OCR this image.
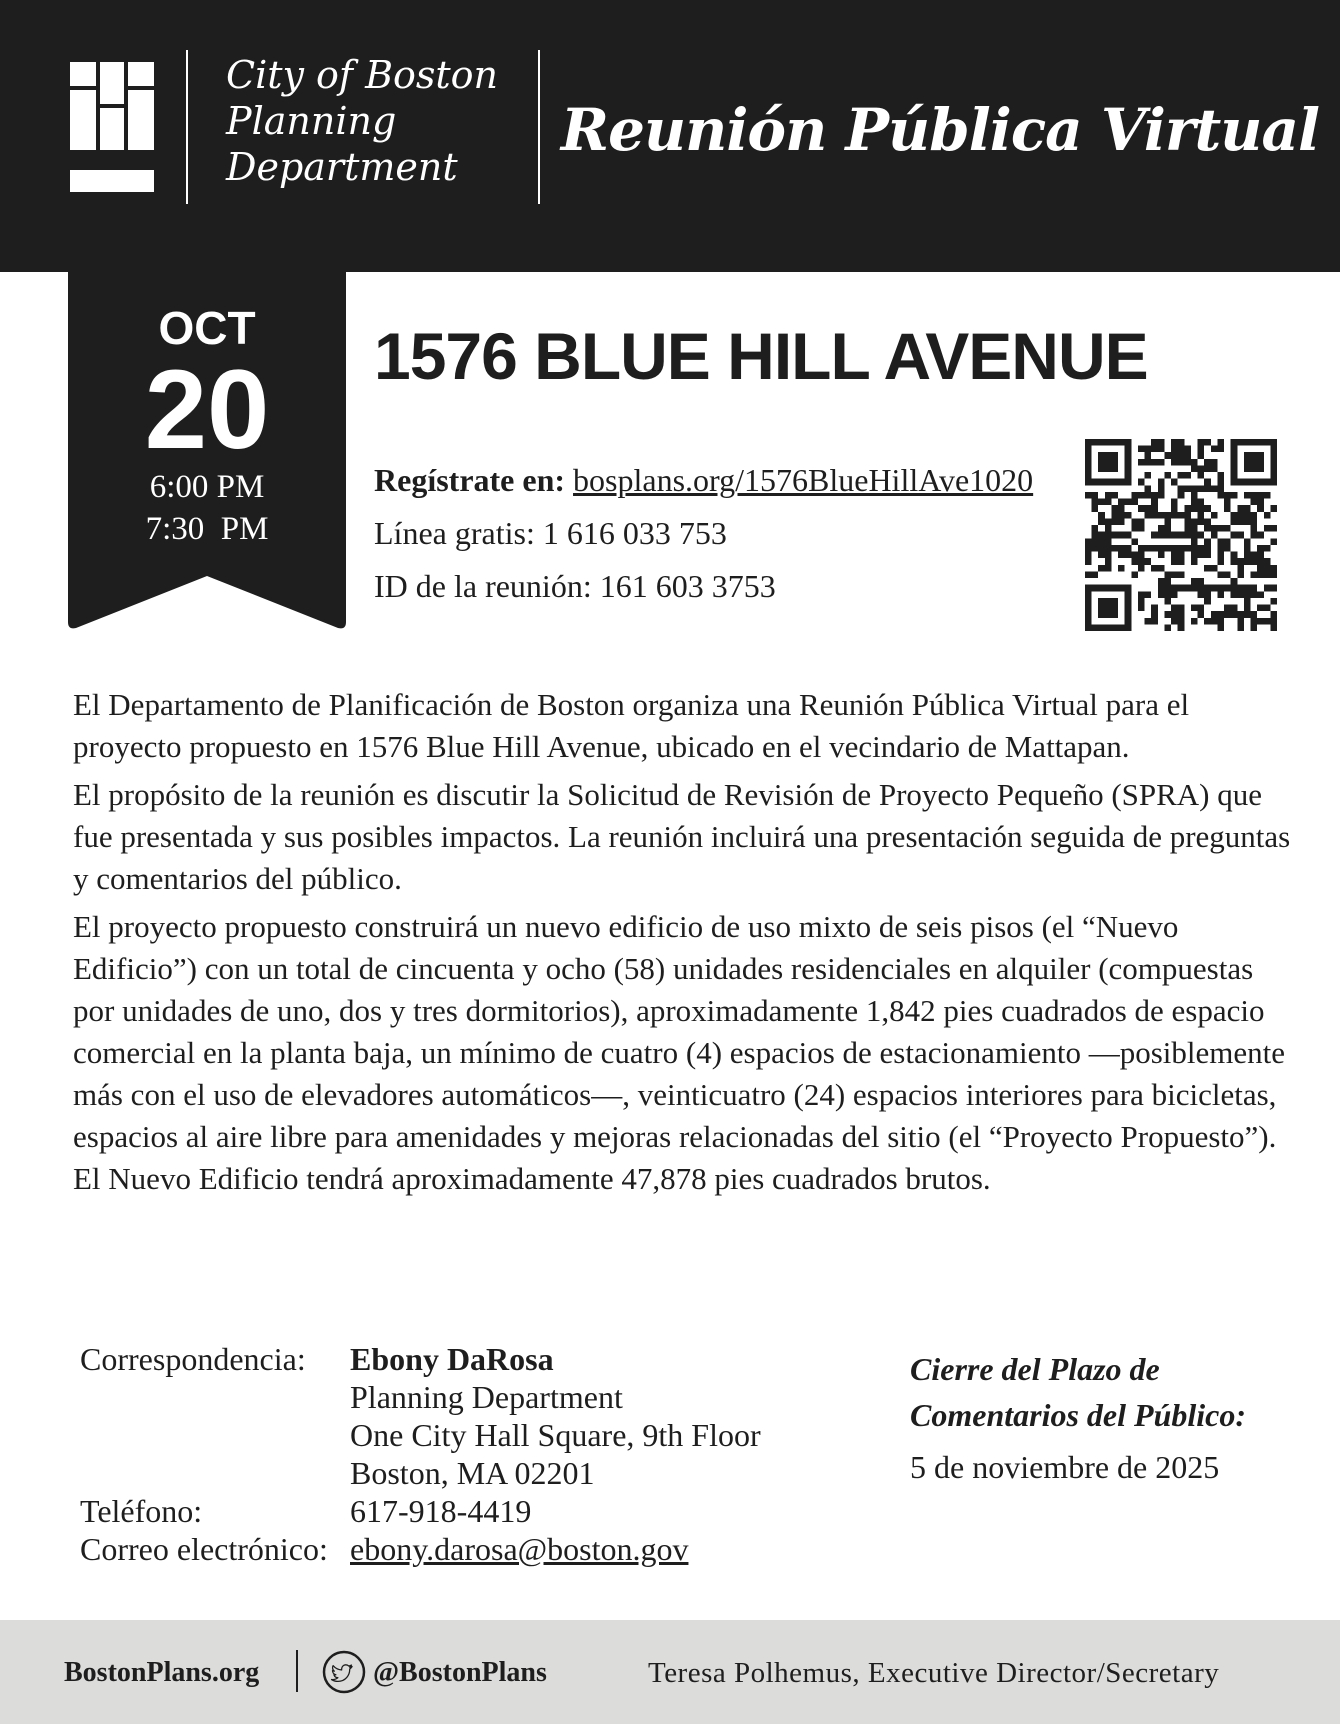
City of Boston
Planning
Department
Reunión Pública Virtual
OCT
20
6:00 PM
7:30  PM
1576 BLUE HILL AVENUE
Regístrate en: bosplans.org/1576BlueHillAve1020
Línea gratis: 1 616 033 753
ID de la reunión: 161 603 3753

El Departamento de Planificación de Boston organiza una Reunión Pública Virtual para el proyecto propuesto en 1576 Blue Hill Avenue, ubicado en el vecindario de Mattapan.

El propósito de la reunión es discutir la Solicitud de Revisión de Proyecto Pequeño (SPRA) que fue presentada y sus posibles impactos. La reunión incluirá una presentación seguida de preguntas y comentarios del público.

El proyecto propuesto construirá un nuevo edificio de uso mixto de seis pisos (el “Nuevo Edificio”) con un total de cincuenta y ocho (58) unidades residenciales en alquiler (compuestas por unidades de uno, dos y tres dormitorios), aproximadamente 1,842 pies cuadrados de espacio comercial en la planta baja, un mínimo de cuatro (4) espacios de estacionamiento —posiblemente más con el uso de elevadores automáticos—, veinticuatro (24) espacios interiores para bicicletas, espacios al aire libre para amenidades y mejoras relacionadas del sitio (el “Proyecto Propuesto”). El Nuevo Edificio tendrá aproximadamente 47,878 pies cuadrados brutos.

Correspondencia:	Ebony DaRosa
Planning Department
One City Hall Square, 9th Floor
Boston, MA 02201
Teléfono:	617-918-4419
Correo electrónico: ebony.darosa@boston.gov
Cierre del Plazo de
Comentarios del Público:
5 de noviembre de 2025
BostonPlans.org	@BostonPlans	Teresa Polhemus, Executive Director/Secretary
